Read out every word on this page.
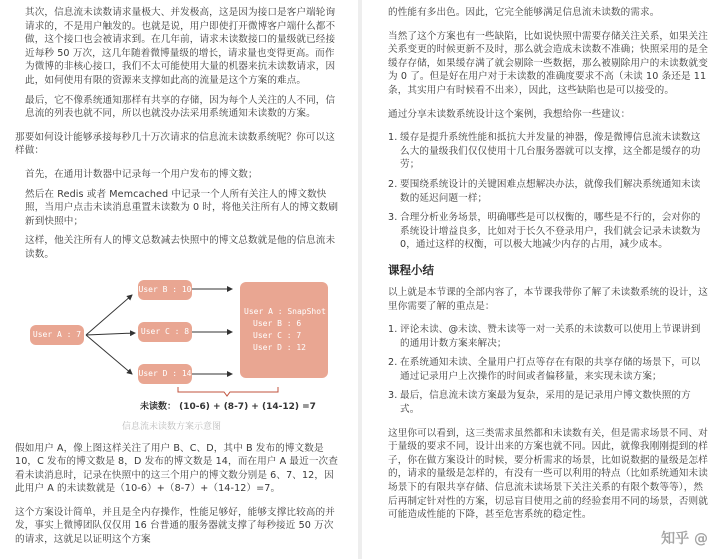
其次，信息流未读数请求量极大、并发极高，这是因为接口是客户端轮询请求的，不是用户触发的。也就是说，用户即使打开微博客户端什么都不做，这个接口也会被请求到。在几年前，请求未读数接口的量级就已经接近每秒 50 万次，这几年随着微博量级的增长，请求量也变得更高。而作为微博的非核心接口，我们不太可能使用大量的机器来抗未读数请求，因此，如何使用有限的资源来支撑如此高的流量是这个方案的难点。

最后，它不像系统通知那样有共享的存储，因为每个人关注的人不同，信息流的列表也就不同，所以也就没办法采用系统通知未读数的方案。

那要如何设计能够承接每秒几十万次请求的信息流未读数系统呢？你可以这样做：

首先，在通用计数器中记录每一个用户发布的博文数；

然后在 Redis 或者 Memcached 中记录一个人所有关注人的博文数快照，当用户点击未读消息重置未读数为 0 时，将他关注所有人的博文数刷新到快照中；

这样，他关注所有人的博文总数减去快照中的博文总数就是他的信息流未读数。

User A : 7
User B : 10
User C : 8
User D : 14
User A : SnapShot
User B : 6
User C : 7
User D : 12
未读数： (10-6) + (8-7) + (14-12) =7
信息流未读数方案示意图

假如用户 A，像上图这样关注了用户 B、C、D，其中 B 发布的博文数是 10，C 发布的博文数是 8，D 发布的博文数是 14，而在用户 A 最近一次查看未读消息时，记录在快照中的这三个用户的博文数分别是 6、7、12，因此用户 A 的未读数就是（10-6）+（8-7）+（14-12）=7。

这个方案设计简单，并且是全内存操作，性能足够好，能够支撑比较高的并发，事实上微博团队仅仅用 16 台普通的服务器就支撑了每秒接近 50 万次的请求，这就足以证明这个方案

的性能有多出色。因此，它完全能够满足信息流未读数的需求。

当然了这个方案也有一些缺陷，比如说快照中需要存储关注关系，如果关注关系变更的时候更新不及时，那么就会造成未读数不准确；快照采用的是全缓存存储，如果缓存满了就会剔除一些数据，那么被剔除用户的未读数就变为 0 了。但是好在用户对于未读数的准确度要求不高（未读 10 条还是 11 条，其实用户有时候看不出来），因此，这些缺陷也是可以接受的。

通过分享未读数系统设计这个案例，我想给你一些建议：

1. 缓存是提升系统性能和抵抗大并发量的神器，像是微博信息流未读数这么大的量级我们仅仅使用十几台服务器就可以支撑，这全都是缓存的功劳；
2. 要围绕系统设计的关键困难点想解决办法，就像我们解决系统通知未读数的延迟问题一样；
3. 合理分析业务场景，明确哪些是可以权衡的，哪些是不行的，会对你的系统设计增益良多，比如对于长久不登录用户，我们就会记录未读数为 0，通过这样的权衡，可以极大地减少内存的占用，减少成本。
课程小结

以上就是本节课的全部内容了，本节课我带你了解了未读数系统的设计，这里你需要了解的重点是：

1. 评论未读、@未读、赞未读等一对一关系的未读数可以使用上节课讲到的通用计数方案来解决；
2. 在系统通知未读、全量用户打点等存在有限的共享存储的场景下，可以通过记录用户上次操作的时间或者偏移量，来实现未读方案；
3. 最后，信息流未读方案最为复杂，采用的是记录用户博文数快照的方式。

这里你可以看到，这三类需求虽然都和未读数有关，但是需求场景不同、对于量级的要求不同，设计出来的方案也就不同。因此，就像我刚刚提到的样子，你在做方案设计的时候，要分析需求的场景，比如说数据的量级是怎样的，请求的量级是怎样的，有没有一些可以利用的特点（比如系统通知未读场景下的有限共享存储、信息流未读场景下关注关系的有限个数等等），然后再制定针对性的方案，切忌盲目使用之前的经验套用不同的场景，否则就可能造成性能的下降，甚至危害系统的稳定性。

知乎 @
